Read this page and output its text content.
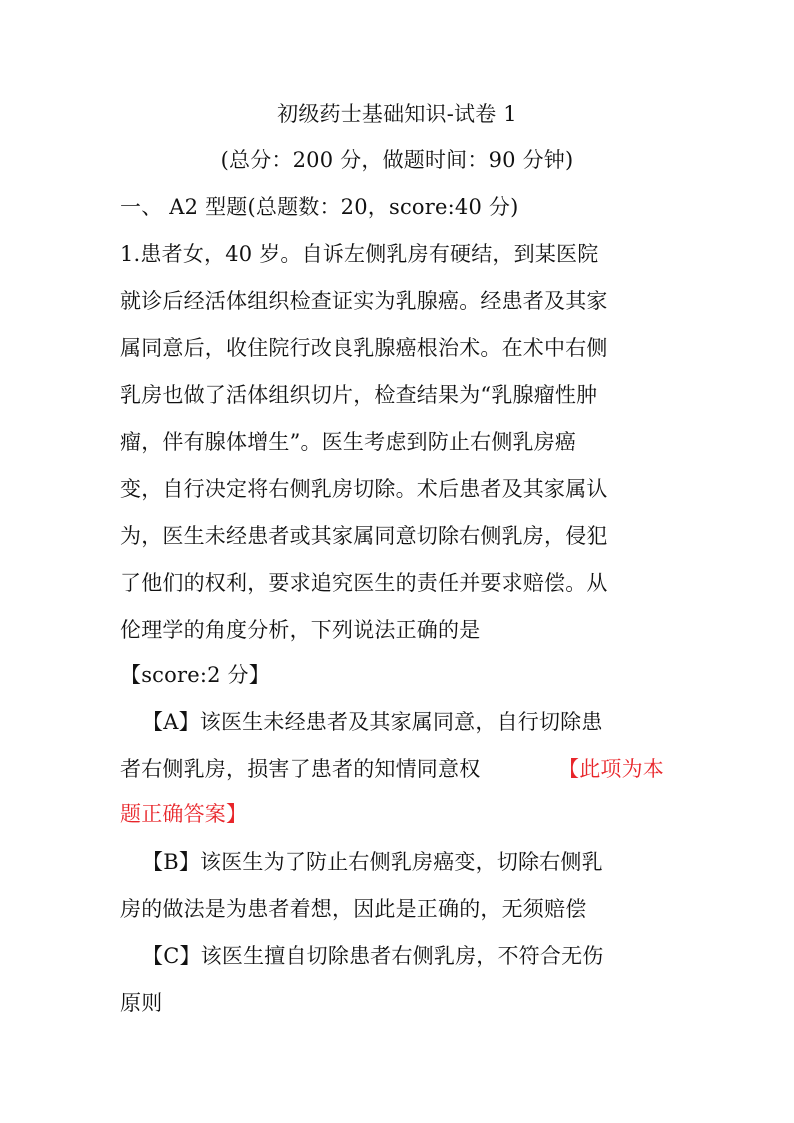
初级药士基础知识-试卷 1
(总分：200 分，做题时间：90 分钟)
一、 A2 型题(总题数：20，score:40 分)
1.患者女，40 岁。自诉左侧乳房有硬结，到某医院
就诊后经活体组织检查证实为乳腺癌。经患者及其家
属同意后，收住院行改良乳腺癌根治术。在术中右侧
乳房也做了活体组织切片，检查结果为“乳腺瘤性肿
瘤，伴有腺体增生”。医生考虑到防止右侧乳房癌
变，自行决定将右侧乳房切除。术后患者及其家属认
为，医生未经患者或其家属同意切除右侧乳房，侵犯
了他们的权利，要求追究医生的责任并要求赔偿。从
伦理学的角度分析，下列说法正确的是
【score:2 分】
【A】该医生未经患者及其家属同意，自行切除患
者右侧乳房，损害了患者的知情同意权	【此项为本
题正确答案】
【B】该医生为了防止右侧乳房癌变，切除右侧乳
房的做法是为患者着想，因此是正确的，无须赔偿
【C】该医生擅自切除患者右侧乳房，不符合无伤
原则
